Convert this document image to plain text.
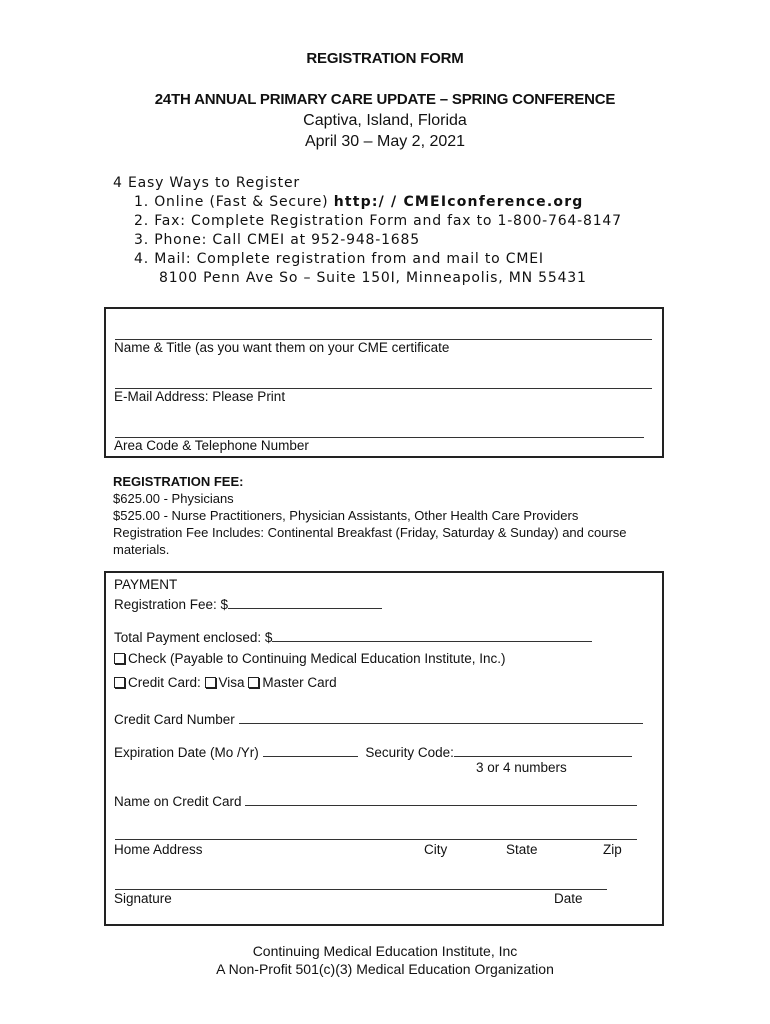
REGISTRATION FORM
24TH ANNUAL PRIMARY CARE UPDATE – SPRING CONFERENCE
Captiva, Island, Florida
April 30 – May 2, 2021
4 Easy Ways to Register
1. Online (Fast & Secure) http:/ / CMEIconference.org
2. Fax: Complete Registration Form and fax to 1-800-764-8147
3. Phone: Call CMEI at 952-948-1685
4. Mail: Complete registration from and mail to CMEI
8100 Penn Ave So – Suite 150I, Minneapolis, MN 55431
Name & Title (as you want them on your CME certificate
E-Mail Address: Please Print
Area Code & Telephone Number
REGISTRATION FEE:
$625.00 - Physicians
$525.00 - Nurse Practitioners, Physician Assistants, Other Health Care Providers
Registration Fee Includes: Continental Breakfast (Friday, Saturday & Sunday) and course materials.
PAYMENT
Registration Fee: $
Total Payment enclosed: $
Check (Payable to Continuing Medical Education Institute, Inc.)
Credit Card: Visa Master Card
Credit Card Number
Expiration Date (Mo /Yr)	Security Code:
3 or 4 numbers
Name on Credit Card
Home Address	City	State	Zip
Signature	Date
Continuing Medical Education Institute, Inc
A Non-Profit 501(c)(3) Medical Education Organization
